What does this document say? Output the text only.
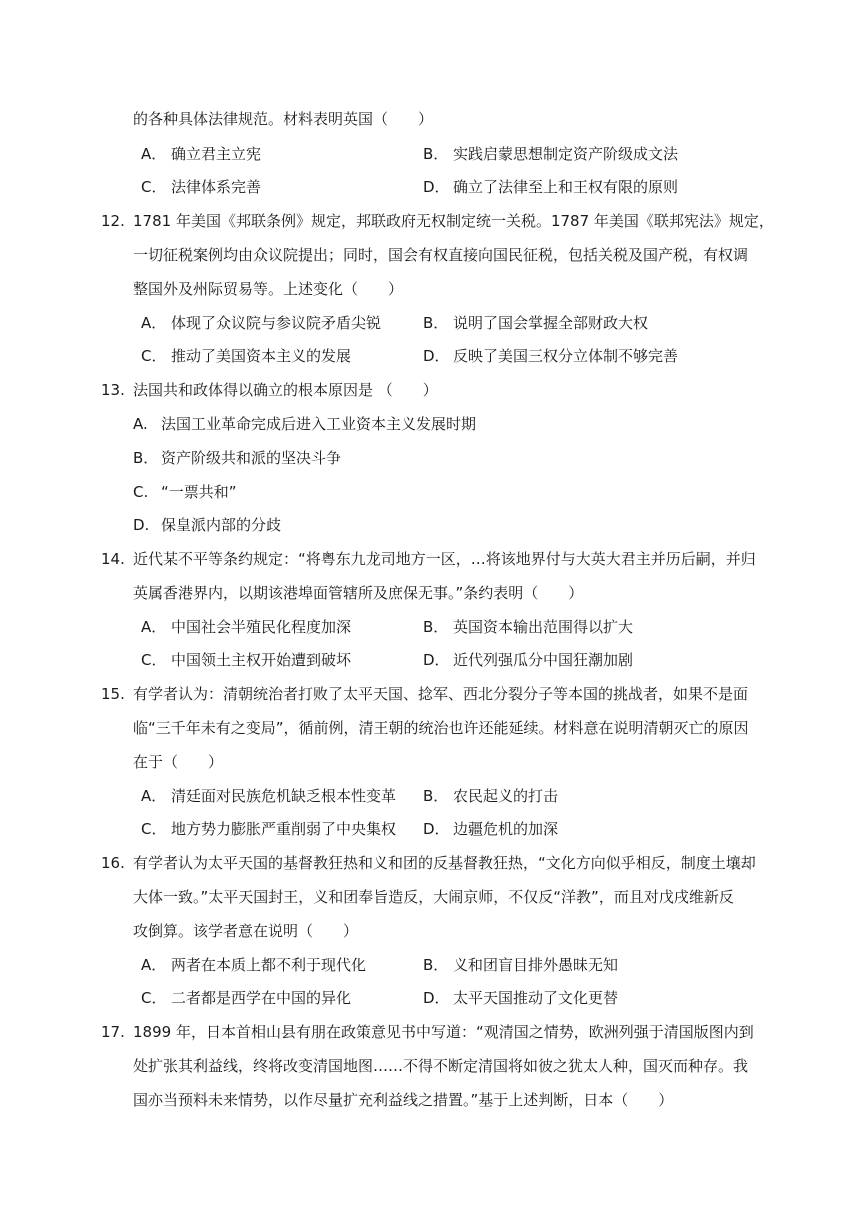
的各种具体法律规范。材料表明英国（　　）
A． 确立君主立宪	B． 实践启蒙思想制定资产阶级成文法
C． 法律体系完善	D． 确立了法律至上和王权有限的原则
12. 1781 年美国《邦联条例》规定，邦联政府无权制定统一关税。1787 年美国《联邦宪法》规定，
一切征税案例均由众议院提出；同时，国会有权直接向国民征税，包括关税及国产税，有权调
整国外及州际贸易等。上述变化（　　）
A． 体现了众议院与参议院矛盾尖锐	B． 说明了国会掌握全部财政大权
C． 推动了美国资本主义的发展	D． 反映了美国三权分立体制不够完善
13. 法国共和政体得以确立的根本原因是 （　　）
A. 法国工业革命完成后进入工业资本主义发展时期
B． 资产阶级共和派的坚决斗争
C. “一票共和”
D. 保皇派内部的分歧
14. 近代某不平等条约规定：“将粤东九龙司地方一区，…将该地界付与大英大君主并历后嗣，并归
英属香港界内，以期该港埠面管辖所及庶保无事。”条约表明（　　）
A． 中国社会半殖民化程度加深	B． 英国资本输出范围得以扩大
C． 中国领土主权开始遭到破坏	D． 近代列强瓜分中国狂潮加剧
15. 有学者认为：清朝统治者打败了太平天国、捻军、西北分裂分子等本国的挑战者，如果不是面
临“三千年未有之变局”，循前例，清王朝的统治也许还能延续。材料意在说明清朝灭亡的原因
在于（　　）
A． 清廷面对民族危机缺乏根本性变革 B． 农民起义的打击
C． 地方势力膨胀严重削弱了中央集权 D． 边疆危机的加深
16. 有学者认为太平天国的基督教狂热和义和团的反基督教狂热，“文化方向似乎相反，制度土壤却
大体一致。”太平天国封王，义和团奉旨造反，大闹京师，不仅反“洋教”，而且对戊戌维新反
攻倒算。该学者意在说明（　　）
A． 两者在本质上都不利于现代化	B． 义和团盲目排外愚昧无知
C． 二者都是西学在中国的异化	D． 太平天国推动了文化更替
17. 1899 年，日本首相山县有朋在政策意见书中写道：“观清国之情势，欧洲列强于清国版图内到
处扩张其利益线，终将改变清国地图……不得不断定清国将如彼之犹太人种，国灭而种存。我
国亦当预料未来情势，以作尽量扩充利益线之措置。”基于上述判断，日本（　　）
